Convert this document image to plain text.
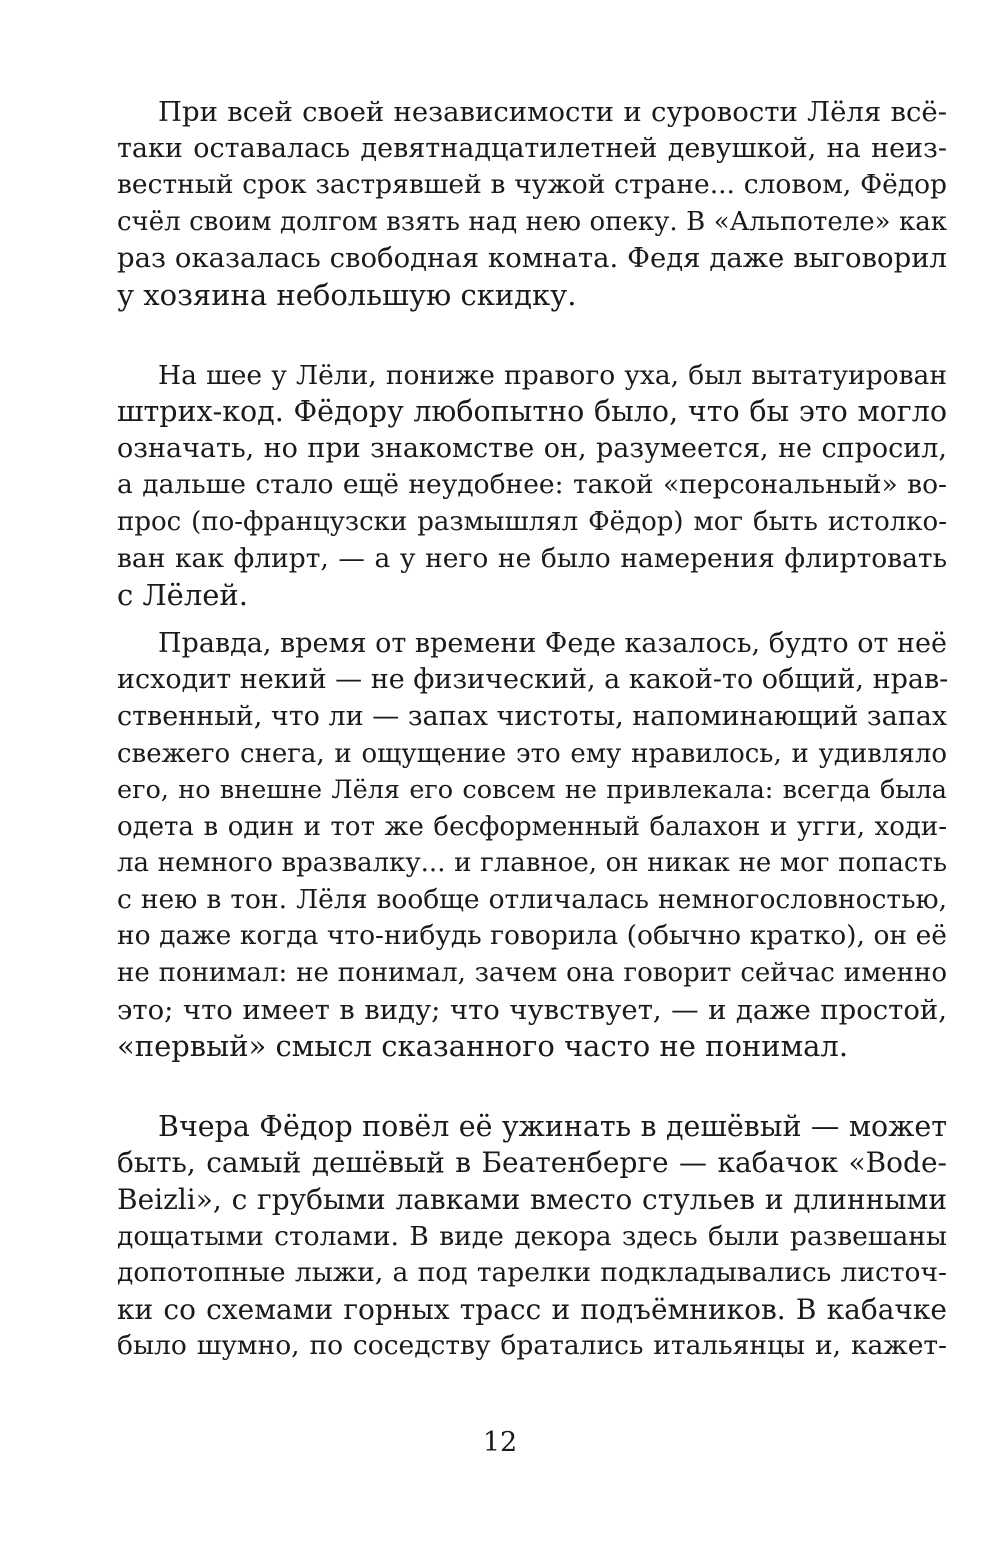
При всей своей независимости и суровости Лёля всё-
таки оставалась девятнадцатилетней девушкой, на неиз-
вестный срок застрявшей в чужой стране... словом, Фёдор
счёл своим долгом взять над нею опеку. В «Альпотеле» как
раз оказалась свободная комната. Федя даже выговорил
у хозяина небольшую скидку.
На шее у Лёли, пониже правого уха, был вытатуирован
штрих-код. Фёдору любопытно было, что бы это могло
означать, но при знакомстве он, разумеется, не спросил,
а дальше стало ещё неудобнее: такой «персональный» во-
прос (по-французски размышлял Фёдор) мог быть истолко-
ван как флирт, — а у него не было намерения флиртовать
с Лёлей.
Правда, время от времени Феде казалось, будто от неё
исходит некий — не физический, а какой-то общий, нрав-
ственный, что ли — запах чистоты, напоминающий запах
свежего снега, и ощущение это ему нравилось, и удивляло
его, но внешне Лёля его совсем не привлекала: всегда была
одета в один и тот же бесформенный балахон и угги, ходи-
ла немного вразвалку... и главное, он никак не мог попасть
с нею в тон. Лёля вообще отличалась немногословностью,
но даже когда что-нибудь говорила (обычно кратко), он её
не понимал: не понимал, зачем она говорит сейчас именно
это; что имеет в виду; что чувствует, — и даже простой,
«первый» смысл сказанного часто не понимал.
Вчера Фёдор повёл её ужинать в дешёвый — может
быть, самый дешёвый в Беатенберге — кабачок «Bode-
Beizli», с грубыми лавками вместо стульев и длинными
дощатыми столами. В виде декора здесь были развешаны
допотопные лыжи, а под тарелки подкладывались листоч-
ки со схемами горных трасс и подъёмников. В кабачке
было шумно, по соседству братались итальянцы и, кажет-
12
